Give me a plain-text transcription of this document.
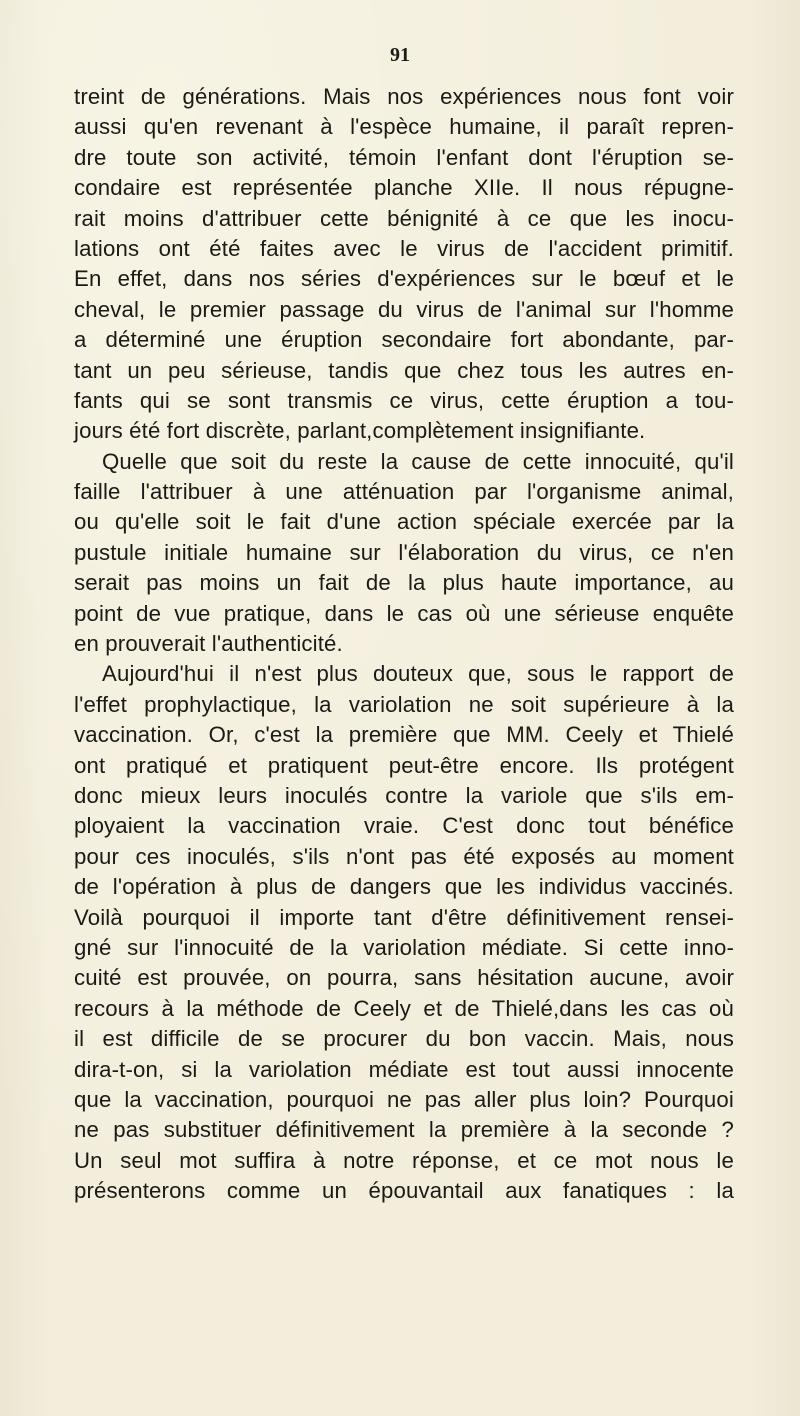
91
treint de générations. Mais nos expériences nous font voir
aussi qu'en revenant à l'espèce humaine, il paraît repren-
dre toute son activité, témoin l'enfant dont l'éruption se-
condaire est représentée planche XIIe. Il nous répugne-
rait moins d'attribuer cette bénignité à ce que les inocu-
lations ont été faites avec le virus de l'accident primitif.
En effet, dans nos séries d'expériences sur le bœuf et le
cheval, le premier passage du virus de l'animal sur l'homme
a déterminé une éruption secondaire fort abondante, par-
tant un peu sérieuse, tandis que chez tous les autres en-
fants qui se sont transmis ce virus, cette éruption a tou-
jours été fort discrète, parlant,complètement insignifiante.
Quelle que soit du reste la cause de cette innocuité, qu'il
faille l'attribuer à une atténuation par l'organisme animal,
ou qu'elle soit le fait d'une action spéciale exercée par la
pustule initiale humaine sur l'élaboration du virus, ce n'en
serait pas moins un fait de la plus haute importance, au
point de vue pratique, dans le cas où une sérieuse enquête
en prouverait l'authenticité.
Aujourd'hui il n'est plus douteux que, sous le rapport de
l'effet prophylactique, la variolation ne soit supérieure à la
vaccination. Or, c'est la première que MM. Ceely et Thielé
ont pratiqué et pratiquent peut-être encore. Ils protégent
donc mieux leurs inoculés contre la variole que s'ils em-
ployaient la vaccination vraie. C'est donc tout bénéfice
pour ces inoculés, s'ils n'ont pas été exposés au moment
de l'opération à plus de dangers que les individus vaccinés.
Voilà pourquoi il importe tant d'être définitivement rensei-
gné sur l'innocuité de la variolation médiate. Si cette inno-
cuité est prouvée, on pourra, sans hésitation aucune, avoir
recours à la méthode de Ceely et de Thielé,dans les cas où
il est difficile de se procurer du bon vaccin. Mais, nous
dira-t-on, si la variolation médiate est tout aussi innocente
que la vaccination, pourquoi ne pas aller plus loin? Pourquoi
ne pas substituer définitivement la première à la seconde ?
Un seul mot suffira à notre réponse, et ce mot nous le
présenterons comme un épouvantail aux fanatiques : la
